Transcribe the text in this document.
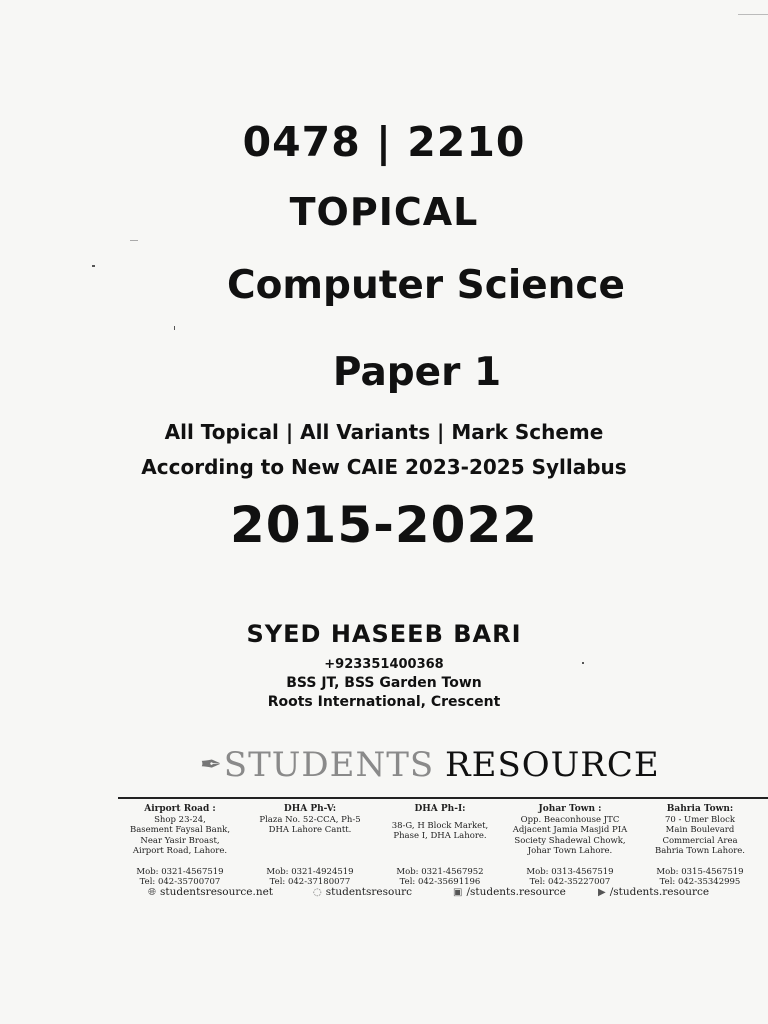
0478 | 2210
TOPICAL
Computer Science
Paper 1
All Topical | All Variants | Mark Scheme
According to New CAIE 2023-2025 Syllabus
2015-2022
SYED HASEEB BARI
+923351400368
BSS JT, BSS Garden Town
Roots International, Crescent
✒ STUDENTS RESOURCE
Airport Road :
Shop 23-24,
Basement Faysal Bank,
Near Yasir Broast,
Airport Road, Lahore.
Mob: 0321-4567519
Tel: 042-35700707
DHA Ph-V:
Plaza No. 52-CCA, Ph-5
DHA Lahore Cantt.
Mob: 0321-4924519
Tel: 042-37180077
DHA Ph-I:
38-G, H Block Market,
Phase I, DHA Lahore.
Mob: 0321-4567952
Tel: 042-35691196
Johar Town :
Opp. Beaconhouse JTC
Adjacent Jamia Masjid PIA
Society Shadewal Chowk,
Johar Town Lahore.
Mob: 0313-4567519
Tel: 042-35227007
Bahria Town:
70 - Umer Block
Main Boulevard
Commercial Area
Bahria Town Lahore.
Mob: 0315-4567519
Tel: 042-35342995
🌐︎ studentsresource.net	◌ studentsresourc	▣ /students.resource	▶ /students.resource
